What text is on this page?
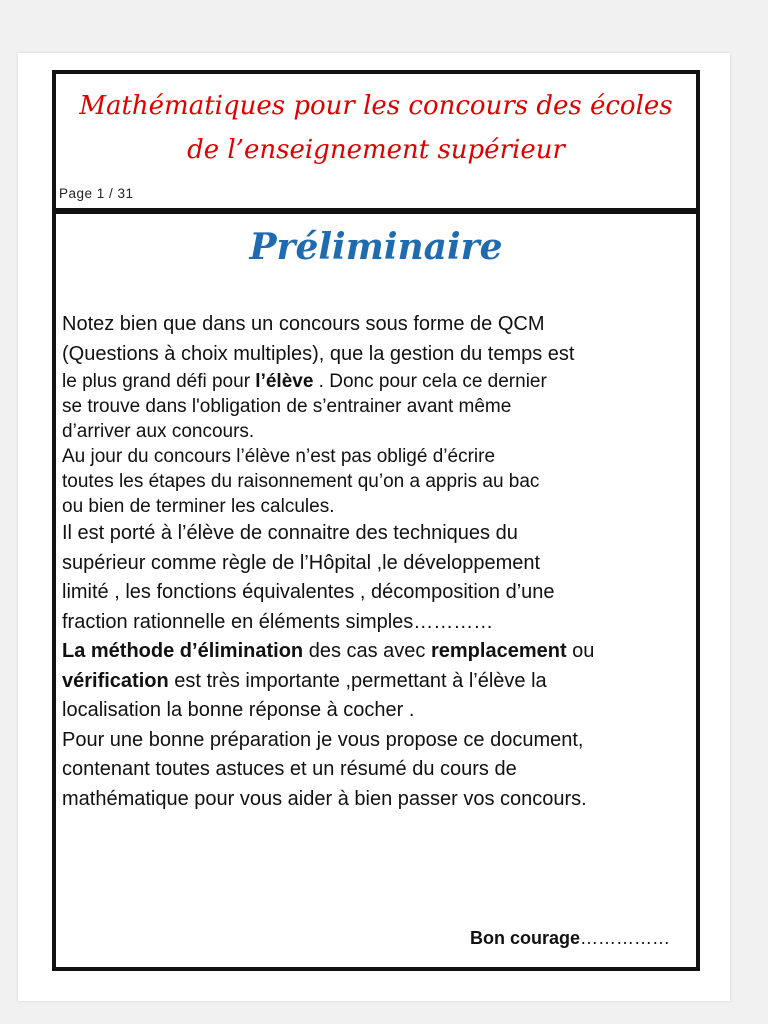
Mathématiques pour les concours des écoles
de l’enseignement supérieur
Page 1 / 31
Préliminaire
Notez bien que dans un concours sous forme de QCM
(Questions à choix multiples), que la gestion du temps est
le plus grand défi pour l’élève . Donc pour cela ce dernier
se trouve dans l'obligation de s’entrainer avant même
d’arriver aux concours.
Au jour du concours l’élève n’est pas obligé d’écrire
toutes les étapes du raisonnement qu’on a appris au bac
ou bien de terminer les calcules.
Il est porté à l’élève de connaitre des techniques du
supérieur comme règle de l’Hôpital ,le développement
limité , les fonctions équivalentes , décomposition d’une
fraction rationnelle en éléments simples…………
La méthode d’élimination des cas avec remplacement ou
vérification est très importante ,permettant à l’élève la
localisation la bonne réponse à cocher .
Pour une bonne préparation je vous propose ce document,
contenant toutes astuces et un résumé du cours de
mathématique pour vous aider à bien passer vos concours.
Bon courage……………
